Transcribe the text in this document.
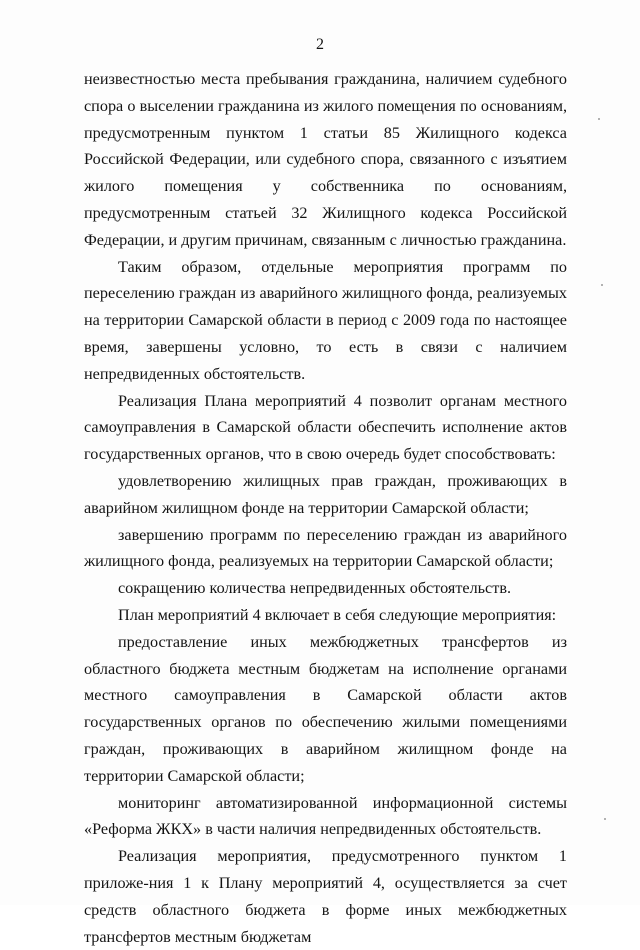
2

неизвестностью места пребывания гражданина, наличием судебного спора о выселении гражданина из жилого помещения по основаниям, предусмотренным пунктом 1 статьи 85 Жилищного кодекса Российской Федерации, или судебного спора, связанного с изъятием жилого помещения у собственника по основаниям, предусмотренным статьей 32 Жилищного кодекса Российской Федерации, и другим причинам, связанным с личностью гражданина.

Таким образом, отдельные мероприятия программ по переселению граждан из аварийного жилищного фонда, реализуемых на территории Самарской области в период с 2009 года по настоящее время, завершены условно, то есть в связи с наличием непредвиденных обстоятельств.

Реализация Плана мероприятий 4 позволит органам местного самоуправления в Самарской области обеспечить исполнение актов государственных органов, что в свою очередь будет способствовать:

удовлетворению жилищных прав граждан, проживающих в аварийном жилищном фонде на территории Самарской области;

завершению программ по переселению граждан из аварийного жилищного фонда, реализуемых на территории Самарской области;

сокращению количества непредвиденных обстоятельств.

План мероприятий 4 включает в себя следующие мероприятия:

предоставление иных межбюджетных трансфертов из областного бюджета местным бюджетам на исполнение органами местного самоуправления в Самарской области актов государственных органов по обеспечению жилыми помещениями граждан, проживающих в аварийном жилищном фонде на территории Самарской области;

мониторинг автоматизированной информационной системы «Реформа ЖКХ» в части наличия непредвиденных обстоятельств.

Реализация мероприятия, предусмотренного пунктом 1 приложе-ния 1 к Плану мероприятий 4, осуществляется за счет средств областного бюджета в форме иных межбюджетных трансфертов местным бюджетам
